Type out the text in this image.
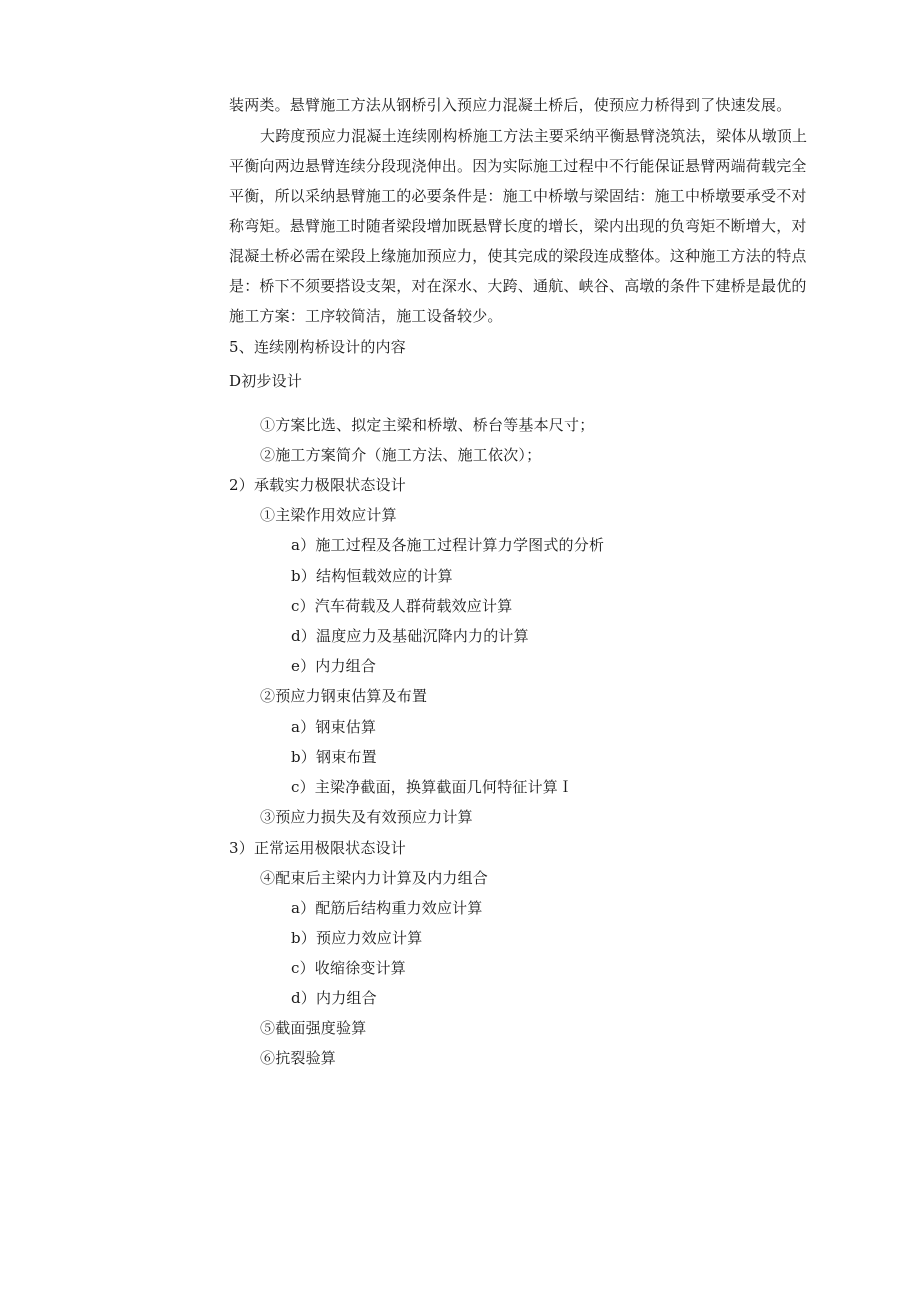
装两类。悬臂施工方法从钢桥引入预应力混凝土桥后，使预应力桥得到了快速发展。
大跨度预应力混凝土连续刚构桥施工方法主要采纳平衡悬臂浇筑法，梁体从墩顶上
平衡向两边悬臂连续分段现浇伸出。因为实际施工过程中不行能保证悬臂两端荷载完全
平衡，所以采纳悬臂施工的必要条件是：施工中桥墩与梁固结：施工中桥墩要承受不对
称弯矩。悬臂施工时随者梁段增加既悬臂长度的增长，梁内出现的负弯矩不断增大，对
混凝土桥必需在梁段上缘施加预应力，使其完成的梁段连成整体。这种施工方法的特点
是：桥下不须要搭设支架，对在深水、大跨、通航、峡谷、高墩的条件下建桥是最优的
施工方案：工序较简洁，施工设备较少。
5、连续刚构桥设计的内容
D初步设计
①方案比选、拟定主梁和桥墩、桥台等基本尺寸；
②施工方案简介（施工方法、施工依次）；
2）承载实力极限状态设计
①主梁作用效应计算
a）施工过程及各施工过程计算力学图式的分析
b）结构恒载效应的计算
c）汽车荷载及人群荷载效应计算
d）温度应力及基础沉降内力的计算
e）内力组合
②预应力钢束估算及布置
a）钢束估算
b）钢束布置
c）主梁净截面，换算截面几何特征计算Ｉ
③预应力损失及有效预应力计算
3）正常运用极限状态设计
④配束后主梁内力计算及内力组合
a）配筋后结构重力效应计算
b）预应力效应计算
c）收缩徐变计算
d）内力组合
⑤截面强度验算
⑥抗裂验算
